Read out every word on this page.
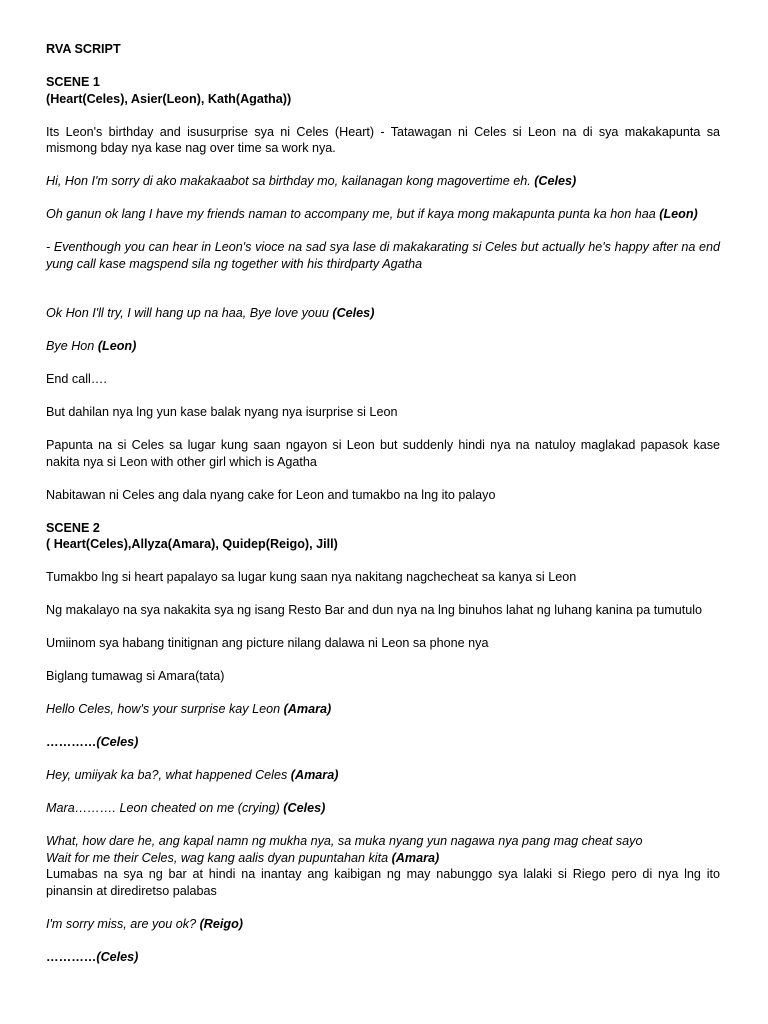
RVA SCRIPT

SCENE 1

(Heart(Celes), Asier(Leon), Kath(Agatha))

Its Leon's birthday and isusurprise sya ni Celes (Heart) - Tatawagan ni Celes si Leon na di sya makakapunta sa mismong bday nya kase nag over time sa work nya.

Hi, Hon I'm sorry di ako makakaabot sa birthday mo, kailanagan kong magovertime eh. (Celes)

Oh ganun ok lang I have my friends naman to accompany me, but if kaya mong makapunta punta ka hon haa (Leon)

- Eventhough you can hear in Leon's vioce na sad sya lase di makakarating si Celes but actually he's happy after na end yung call kase magspend sila ng together with his thirdparty Agatha

Ok Hon I'll try, I will hang up na haa, Bye love youu (Celes)

Bye Hon (Leon)

End call….

But dahilan nya lng yun kase balak nyang nya isurprise si Leon

Papunta na si Celes sa lugar kung saan ngayon si Leon but suddenly hindi nya na natuloy maglakad papasok kase nakita nya si Leon with other girl which is Agatha

Nabitawan ni Celes ang dala nyang cake for Leon and tumakbo na lng ito palayo

SCENE 2

( Heart(Celes),Allyza(Amara), Quidep(Reigo), Jill)

Tumakbo lng si heart papalayo sa lugar kung saan nya nakitang nagchecheat sa kanya si Leon

Ng makalayo na sya nakakita sya ng isang Resto Bar and dun nya na lng binuhos lahat ng luhang kanina pa tumutulo

Umiinom sya habang tinitignan ang picture nilang dalawa ni Leon sa phone nya

Biglang tumawag si Amara(tata)

Hello Celes, how's your surprise kay Leon (Amara)

…………(Celes)

Hey, umiiyak ka ba?, what happened Celes (Amara)

Mara………. Leon cheated on me (crying) (Celes)

What, how dare he, ang kapal namn ng mukha nya, sa muka nyang yun nagawa nya pang mag cheat sayo

Wait for me their Celes, wag kang aalis dyan pupuntahan kita (Amara)

Lumabas na sya ng bar at hindi na inantay ang kaibigan ng may nabunggo sya lalaki si Riego pero di nya lng ito pinansin at dirediretso palabas

I'm sorry miss, are you ok? (Reigo)

…………(Celes)
